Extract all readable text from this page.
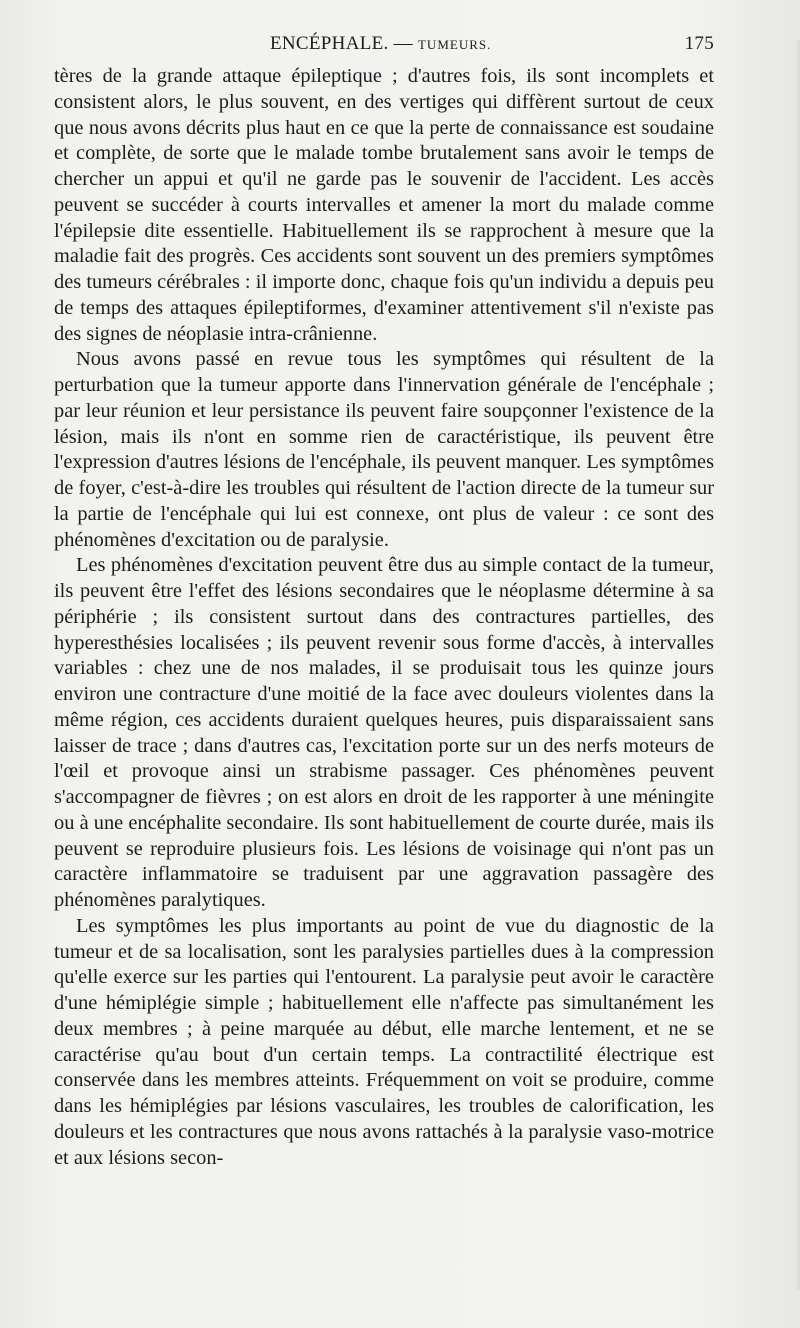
ENCÉPHALE. — TUMEURS.	175

tères de la grande attaque épileptique ; d'autres fois, ils sont incomplets et consistent alors, le plus souvent, en des vertiges qui diffèrent surtout de ceux que nous avons décrits plus haut en ce que la perte de connaissance est soudaine et complète, de sorte que le malade tombe brutalement sans avoir le temps de chercher un appui et qu'il ne garde pas le souvenir de l'accident. Les accès peuvent se succéder à courts intervalles et amener la mort du malade comme l'épilepsie dite essentielle. Habituellement ils se rapprochent à mesure que la maladie fait des progrès. Ces accidents sont souvent un des premiers symptômes des tumeurs cérébrales : il importe donc, chaque fois qu'un individu a depuis peu de temps des attaques épileptiformes, d'examiner attentivement s'il n'existe pas des signes de néoplasie intra-crânienne.

Nous avons passé en revue tous les symptômes qui résultent de la perturbation que la tumeur apporte dans l'innervation générale de l'encéphale ; par leur réunion et leur persistance ils peuvent faire soupçonner l'existence de la lésion, mais ils n'ont en somme rien de caractéristique, ils peuvent être l'expression d'autres lésions de l'encéphale, ils peuvent manquer. Les symptômes de foyer, c'est-à-dire les troubles qui résultent de l'action directe de la tumeur sur la partie de l'encéphale qui lui est connexe, ont plus de valeur : ce sont des phénomènes d'excitation ou de paralysie.

Les phénomènes d'excitation peuvent être dus au simple contact de la tumeur, ils peuvent être l'effet des lésions secondaires que le néoplasme détermine à sa périphérie ; ils consistent surtout dans des contractures partielles, des hyperesthésies localisées ; ils peuvent revenir sous forme d'accès, à intervalles variables : chez une de nos malades, il se produisait tous les quinze jours environ une contracture d'une moitié de la face avec douleurs violentes dans la même région, ces accidents duraient quelques heures, puis disparaissaient sans laisser de trace ; dans d'autres cas, l'excitation porte sur un des nerfs moteurs de l'œil et provoque ainsi un strabisme passager. Ces phénomènes peuvent s'accompagner de fièvres ; on est alors en droit de les rapporter à une méningite ou à une encéphalite secondaire. Ils sont habituellement de courte durée, mais ils peuvent se reproduire plusieurs fois. Les lésions de voisinage qui n'ont pas un caractère inflammatoire se traduisent par une aggravation passagère des phénomènes paralytiques.

Les symptômes les plus importants au point de vue du diagnostic de la tumeur et de sa localisation, sont les paralysies partielles dues à la compression qu'elle exerce sur les parties qui l'entourent. La paralysie peut avoir le caractère d'une hémiplégie simple ; habituellement elle n'affecte pas simultanément les deux membres ; à peine marquée au début, elle marche lentement, et ne se caractérise qu'au bout d'un certain temps. La contractilité électrique est conservée dans les membres atteints. Fréquemment on voit se produire, comme dans les hémiplégies par lésions vasculaires, les troubles de calorification, les douleurs et les contractures que nous avons rattachés à la paralysie vaso-motrice et aux lésions secon-
